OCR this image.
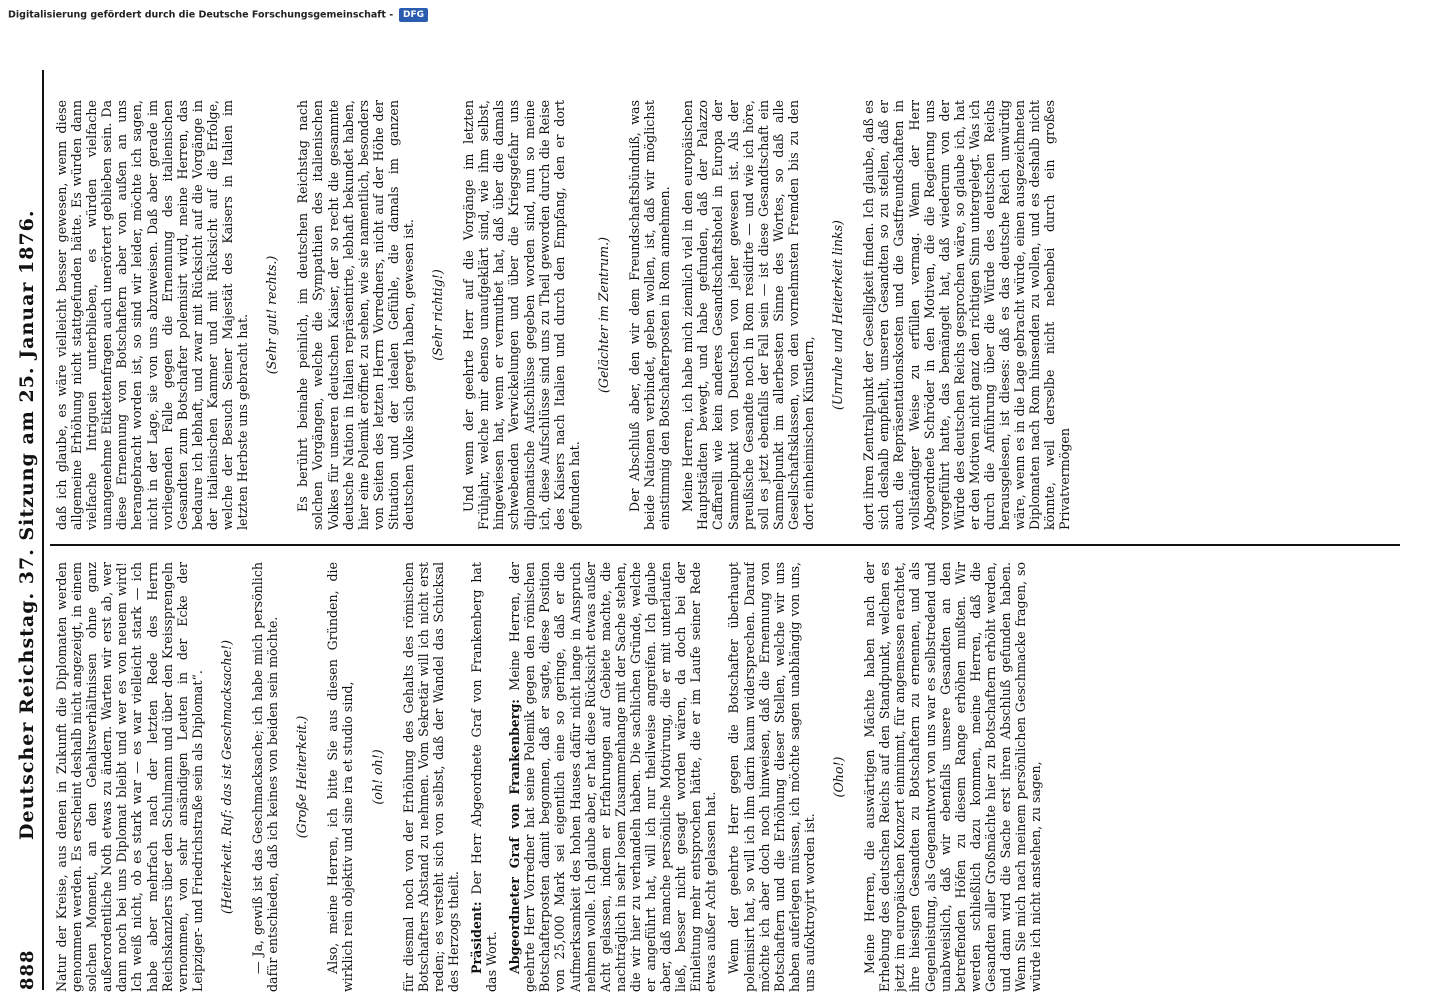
888
Deutscher Reichstag. 37. Sitzung am 25. Januar 1876. Natur der Kreise, aus denen in Zukunft die Diplomaten werden genommen werden. Es erscheint deshalb nicht angezeigt, in einem solchen Moment, an den Gehaltsverhältnissen ohne ganz außerordentliche Noth etwas zu ändern. Warten wir erst ab, wer dann noch bei uns Diplomat bleibt und wer es von neuem wird! Ich weiß nicht, ob es stark war — es war vielleicht stark — ich habe aber mehrfach nach der letzten Rede des Herrn Reichskanzlers über den Schulmann und über den Kreissprengeln vernommen, von sehr ansändigen Leuten in der Ecke der Leipziger- und Friedrichstraße sein als Diplomat“. (Heiterkeit. Ruf: das ist Geschmacksache!) — Ja, gewiß ist das Geschmacksache; ich habe mich persönlich dafür entschieden, daß ich keines von beiden sein möchte. (Große Heiterkeit.) Also, meine Herren, ich bitte Sie aus diesen Gründen, die wirklich rein objektiv und sine ira et studio sind, (oh! oh!) für diesmal noch von der Erhöhung des Gehalts des römischen Botschafters Abstand zu nehmen. Vom Sekretär will ich nicht erst reden; es versteht sich von selbst, daß der Wandel das Schicksal des Herzogs theilt. Präsident: Der Herr Abgeordnete Graf von Frankenberg hat das Wort. Abgeordneter Graf von Frankenberg: Meine Herren, der geehrte Herr Vorredner hat seine Polemik gegen den römischen Botschafterposten damit begonnen, daß er sagte, diese Position von 25,000 Mark sei eigentlich eine so geringe, daß er die Aufmerksamkeit des hohen Hauses dafür nicht lange in Anspruch nehmen wolle. Ich glaube aber, er hat diese Rücksicht etwas außer Acht gelassen, indem er Erfahrungen auf Gebiete machte, die nachträglich in sehr losem Zusammenhange mit der Sache stehen, die wir hier zu verhandeln haben. Die sachlichen Gründe, welche er angeführt hat, will ich nur theilweise angreifen. Ich glaube aber, daß manche persönliche Motivirung, die er mit unterlaufen ließ, besser nicht gesagt worden wären, da doch bei der Einleitung mehr entsprochen hätte, die er im Laufe seiner Rede etwas außer Acht gelassen hat. Wenn der geehrte Herr gegen die Botschafter überhaupt polemisirt hat, so will ich ihm darin kaum widersprechen. Darauf möchte ich aber doch noch hinweisen, daß die Ernennung von Botschaftern und die Erhöhung dieser Stellen, welche wir uns haben auferlegen müssen, ich möchte sagen unabhängig von uns, uns aufoktroyirt worden ist.
(Oho!) Meine Herren, die auswärtigen Mächte haben nach der Erhebung des deutschen Reichs auf den Standpunkt, welchen es jetzt im europäischen Konzert einnimmt, für angemessen erachtet, ihre hiesigen Gesandten zu Botschaftern zu ernennen, und als Gegenleistung, als Gegenantwort von uns war es selbstredend und unabweislich, daß wir ebenfalls unsere Gesandten an den betreffenden Höfen zu diesem Range erhöhen mußten. Wir werden schließlich dazu kommen, meine Herren, daß die Gesandten aller Großmächte hier zu Botschaftern erhöht werden, und dann wird die Sache erst ihren Abschluß gefunden haben. Wenn Sie mich nach meinem persönlichen Geschmacke fragen, so würde ich nicht anstehen, zu sagen,
daß ich glaube, es wäre vielleicht besser gewesen, wenn diese allgemeine Erhöhung nicht stattgefunden hätte. Es würden dann vielfache Intriguen unterblieben, es würden vielfache unangenehme Etikettenfragen auch unerörtert geblieben sein. Da diese Ernennung von Botschaftern aber von außen an uns herangebracht worden ist, so sind wir leider, möchte ich sagen, nicht in der Lage, sie von uns abzuweisen. Daß aber gerade im vorliegenden Falle gegen die Ernennung des italienischen Gesandten zum Botschafter polemisirt wird, meine Herren, das bedaure ich lebhaft, und zwar mit Rücksicht auf die Vorgänge in der italienischen Kammer und mit Rücksicht auf die Erfolge, welche der Besuch Seiner Majestät des Kaisers in Italien im letzten Herbste uns gebracht hat. (Sehr gut! rechts.) Es berührt beinahe peinlich, im deutschen Reichstag nach solchen Vorgängen, welche die Sympathien des italienischen Volkes für unseren deutschen Kaiser, der so recht die gesammte deutsche Nation in Italien repräsentirte, lebhaft bekundet haben, hier eine Polemik eröffnet zu sehen, wie sie namentlich, besonders von Seiten des letzten Herrn Vorredners, nicht auf der Höhe der Situation und der idealen Gefühle, die damals im ganzen deutschen Volke sich geregt haben, gewesen ist. (Sehr richtig!) Und wenn der geehrte Herr auf die Vorgänge im letzten Frühjahr, welche mir ebenso unaufgeklärt sind, wie ihm selbst, hingewiesen hat, wenn er vermuthet hat, daß über die damals schwebenden Verwickelungen und über die Kriegsgefahr uns diplomatische Aufschlüsse gegeben worden sind, nun so meine ich, diese Aufschlüsse sind uns zu Theil geworden durch die Reise des Kaisers nach Italien und durch den Empfang, den er dort gefunden hat.
(Gelächter im Zentrum.) Der Abschluß aber, den wir dem Freundschaftsbündniß, was beide Nationen verbindet, geben wollen, ist, daß wir möglichst einstimmig den Botschafterposten in Rom annehmen. Meine Herren, ich habe mich ziemlich viel in den europäischen Hauptstädten bewegt, und habe gefunden, daß der Palazzo Caffarelli wie kein anderes Gesandtschaftshotel in Europa der Sammelpunkt von Deutschen von jeher gewesen ist. Als der preußische Gesandte noch in Rom residirte — und wie ich höre, soll es jetzt ebenfalls der Fall sein — ist diese Gesandtschaft ein Sammelpunkt im allerbesten Sinne des Wortes, so daß alle Gesellschaftsklassen, von den vornehmsten Fremden bis zu den dort einheimischen Künstlern,
(Unruhe und Heiterkeit links) dort ihren Zentralpunkt der Geselligkeit finden. Ich glaube, daß es sich deshalb empfiehlt, unseren Gesandten so zu stellen, daß er auch die Repräsentationskosten und die Gastfreundschaften in vollständiger Weise zu erfüllen vermag. Wenn der Herr Abgeordnete Schröder in den Motiven, die die Regierung uns vorgeführt hatte, das bemängelt hat, daß wiederum von der Würde des deutschen Reichs gesprochen wäre, so glaube ich, hat er den Motiven nicht ganz den richtigen Sinn untergelegt. Was ich durch die Anführung über die Würde des deutschen Reichs herausgelesen, ist dieses: daß es das deutsche Reich unwürdig wäre, wenn es in die Lage gebracht würde, einen ausgezeichneten Diplomaten nach Rom hinsenden zu wollen, und es deshalb nicht könnte, weil derselbe nicht nebenbei durch ein großes Privatvermögen
Digitalisierung gefördert durch die Deutsche Forschungsgemeinschaft -	DFG
